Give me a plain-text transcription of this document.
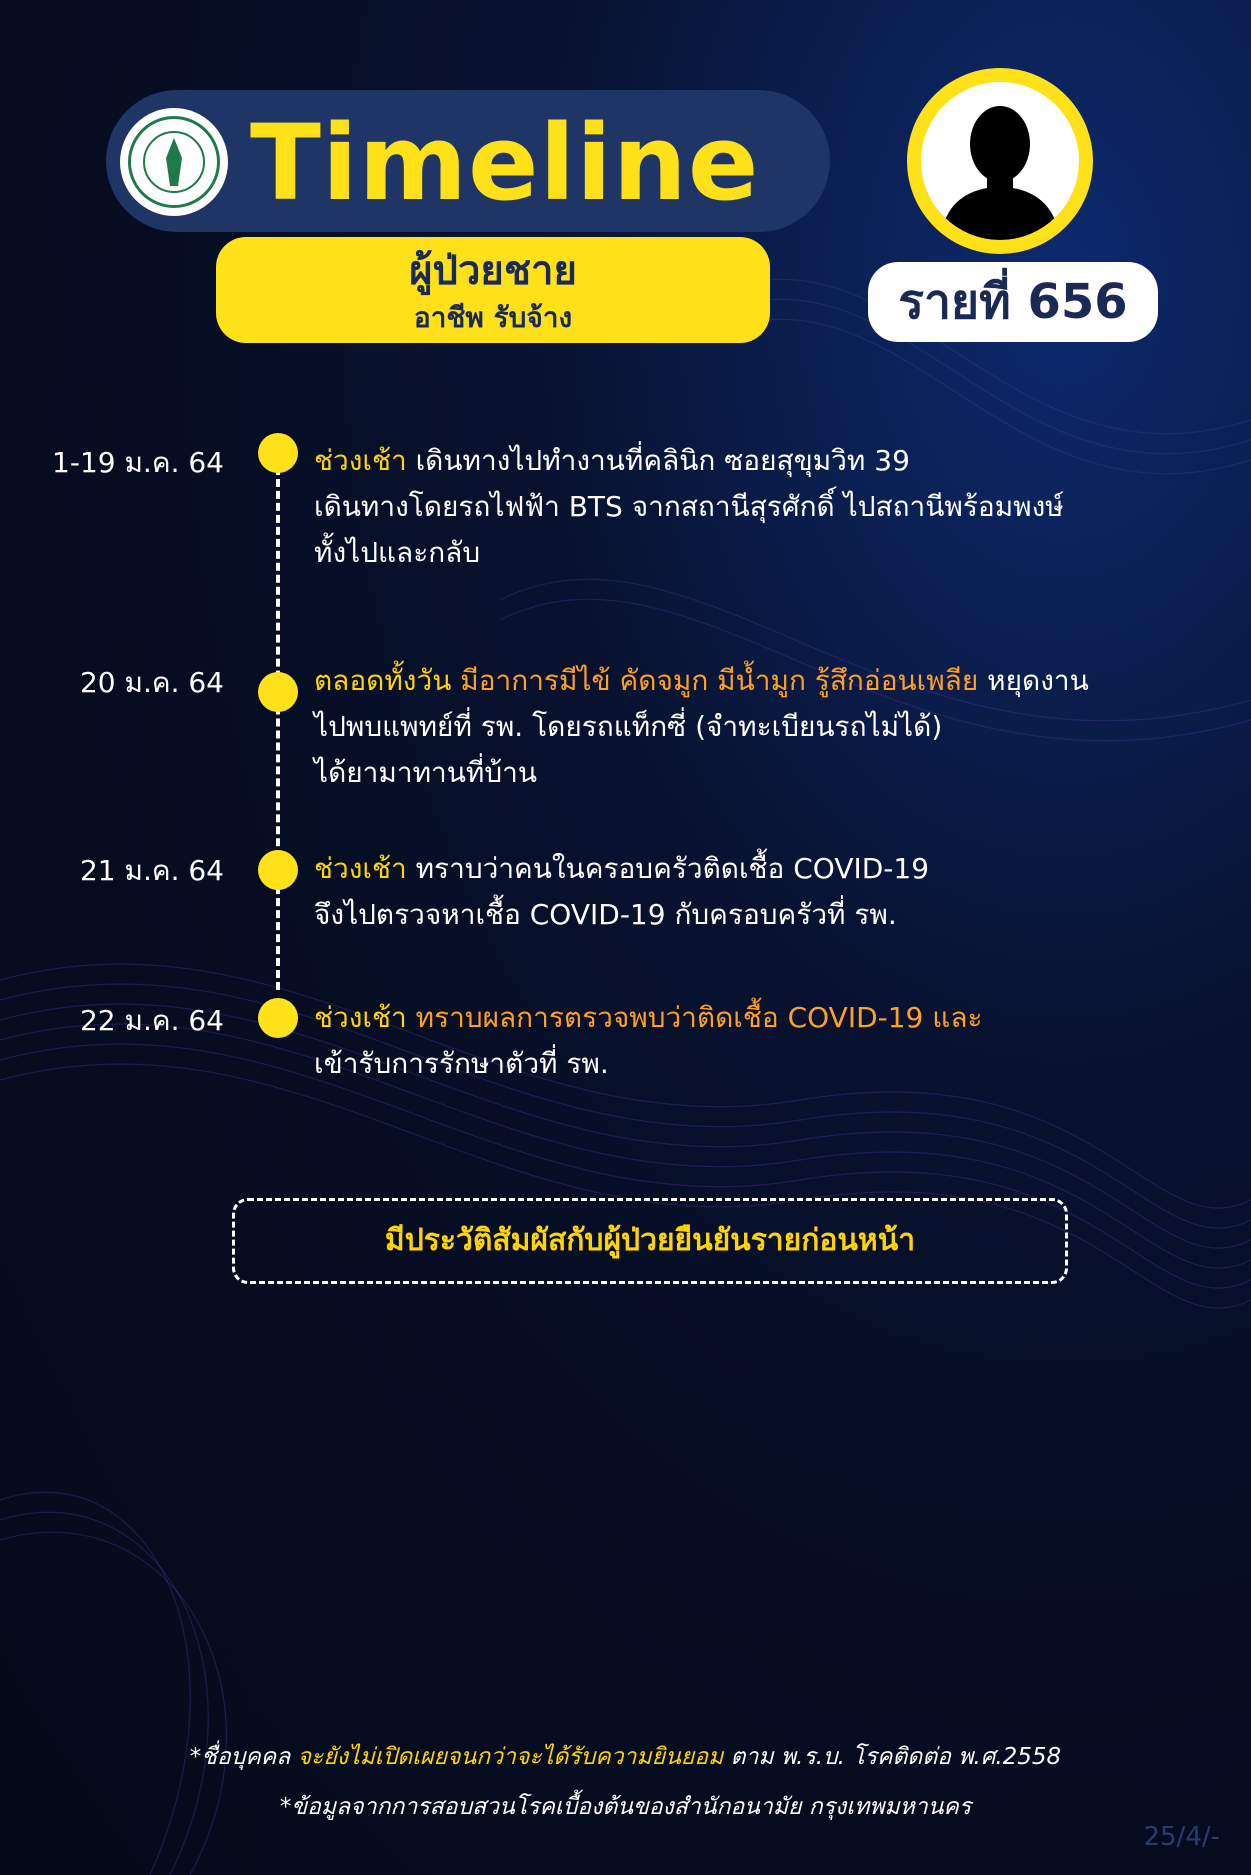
Timeline
ผู้ป่วยชาย
อาชีพ รับจ้าง	รายที่ 656
1-19 ม.ค. 64	ช่วงเช้า เดินทางไปทำงานที่คลินิก ซอยสุขุมวิท 39
เดินทางโดยรถไฟฟ้า BTS จากสถานีสุรศักดิ์ ไปสถานีพร้อมพงษ์
ทั้งไปและกลับ
20 ม.ค. 64	ตลอดทั้งวัน มีอาการมีไข้ คัดจมูก มีน้ำมูก รู้สึกอ่อนเพลีย หยุดงาน
ไปพบแพทย์ที่ รพ. โดยรถแท็กซี่ (จำทะเบียนรถไม่ได้)
ได้ยามาทานที่บ้าน
21 ม.ค. 64	ช่วงเช้า ทราบว่าคนในครอบครัวติดเชื้อ COVID-19
จึงไปตรวจหาเชื้อ COVID-19 กับครอบครัวที่ รพ.
22 ม.ค. 64	ช่วงเช้า ทราบผลการตรวจพบว่าติดเชื้อ COVID-19 และ
เข้ารับการรักษาตัวที่ รพ.
มีประวัติสัมผัสกับผู้ป่วยยืนยันรายก่อนหน้า
*ชื่อบุคคล จะยังไม่เปิดเผยจนกว่าจะได้รับความยินยอม ตาม พ.ร.บ. โรคติดต่อ พ.ศ.2558
*ข้อมูลจากการสอบสวนโรคเบื้องต้นของสำนักอนามัย กรุงเทพมหานคร
25/4/-
